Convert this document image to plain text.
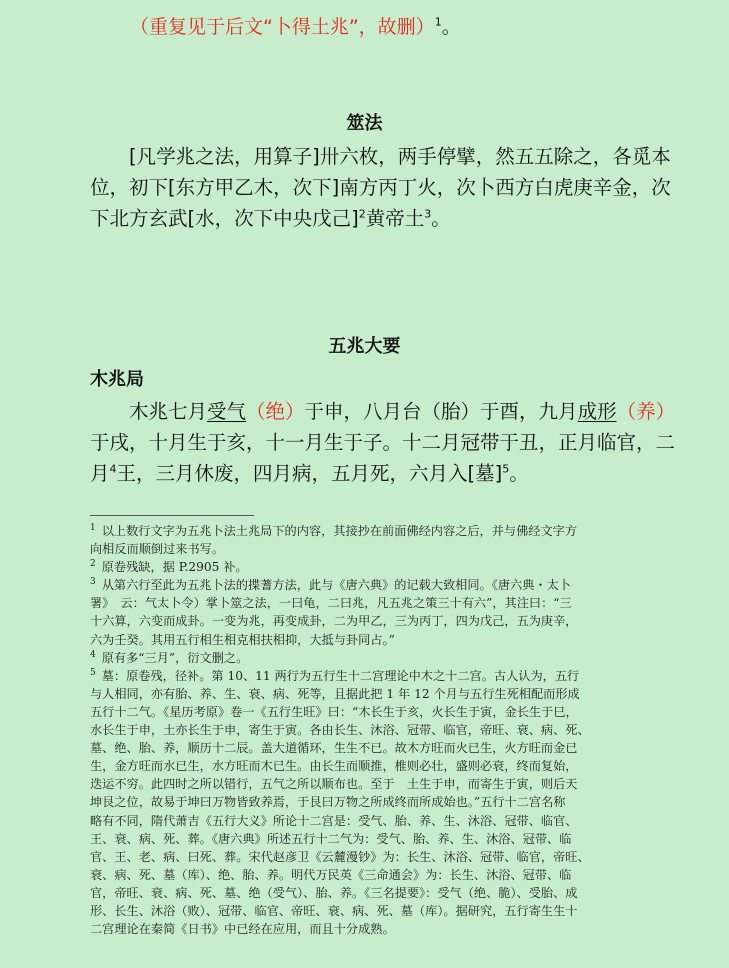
（重复见于后文“卜得土兆”，故删）$^1$。
筮法
[凡学兆之法，用算子]卅六枚，两手停擘，然五五除之，各觅本
位，初下[东方甲乙木，次下]南方丙丁火，次卜西方白虎庚辛金，次
下北方玄武[水，次下中央戊己]$^2$黄帝土$^3$。
五兆大要
木兆局
木兆七月受气（绝）于申，八月台（胎）于酉，九月成形（养）
于戌，十月生于亥，十一月生于子。十二月冠带于丑，正月临官，二
月$^4$王，三月休废，四月病，五月死，六月入[墓]$^5$。
$^1$ 以上数行文字为五兆卜法土兆局下的内容，其接抄在前面佛经内容之后，并与佛经文字方
向相反而顺倒过来书写。
$^2$ 原卷残缺，据 P.2905 补。
$^3$ 从第六行至此为五兆卜法的揲蓍方法，此与《唐六典》的记载大致相同。《唐六典・太卜
署》　云：气太卜令）掌卜筮之法，一曰龟，二曰兆，凡五兆之策三十有六”，其注曰：“三
十六算，六变而成卦。一变为兆，再变成卦，二为甲乙，三为丙丁，四为戊己，五为庚辛，
六为壬癸。其用五行相生相克相扶相抑，大抵与卦同占。”
$^4$ 原有多“三月”，衍文删之。
$^5$ 墓：原卷残，径补。第 10、11 两行为五行生十二宫理论中木之十二宫。古人认为，五行
与人相同，亦有胎、养、生、衰、病、死等，且据此把 1 年 12 个月与五行生死相配而形成
五行十二气。《星历考原》卷一《五行生旺》曰：“木长生于亥，火长生于寅，金长生于巳，
水长生于申，土亦长生于申，寄生于寅。各由长生、沐浴、冠带、临官，帝旺、衰、病、死、
墓、绝、胎、养，顺历十二辰。盖大道循环，生生不已。故木方旺而火已生，火方旺而金已
生，金方旺而水已生，水方旺而木已生。由长生而顺推，椎则必壮，盛则必衰，终而复始，
迭运不穷。此四时之所以错行，五气之所以顺布也。至于　土生于申，而寄生于寅，则后天
坤艮之位，故易于坤曰万物皆致养焉，于艮曰万物之所成终而所成始也。”五行十二宫名称
略有不同，隋代萧吉《五行大义》所论十二宫是：受气、胎、养、生、沐浴、冠带、临官、
王、衰、病、死、葬。《唐六典》所述五行十二气为：受气、胎、养、生、沐浴、冠带、临
官、王、老、病、曰死、葬。宋代赵彦卫《云麓漫钞》为：长生、沐浴、冠带、临官，帝旺、
衰、病、死、墓（库）、绝、胎、养。明代万民英《三命通会》为：长生、沐浴、冠带、临
官，帝旺、衰、病、死、墓、绝（受气）、胎、养。《三名提要》：受气（绝、脆）、受胎、成
形、长生、沐浴（败）、冠带、临官、帝旺、衰、病、死、墓（库）。据研究，五行寄生生十
二宫理论在秦简《日书》中已经在应用，而且十分成熟。
